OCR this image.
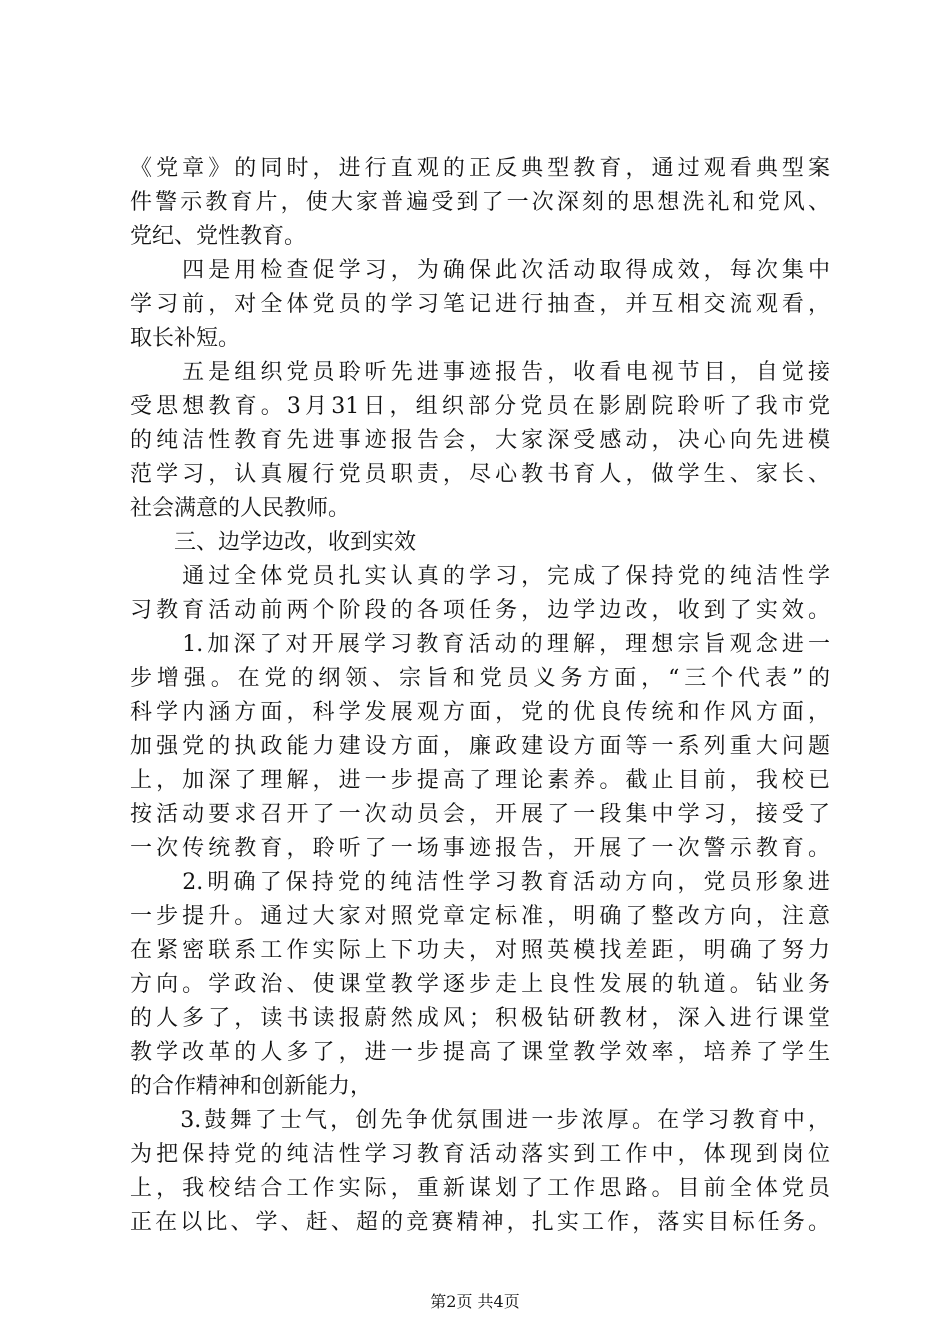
《党章》的同时，进行直观的正反典型教育，通过观看典型案
件警示教育片，使大家普遍受到了一次深刻的思想洗礼和党风、
党纪、党性教育。
　　四是用检查促学习，为确保此次活动取得成效，每次集中
学习前，对全体党员的学习笔记进行抽查，并互相交流观看，
取长补短。
　　五是组织党员聆听先进事迹报告，收看电视节目，自觉接
受思想教育。3月31日，组织部分党员在影剧院聆听了我市党
的纯洁性教育先进事迹报告会，大家深受感动，决心向先进模
范学习，认真履行党员职责，尽心教书育人，做学生、家长、
社会满意的人民教师。
　　三、边学边改，收到实效
　　通过全体党员扎实认真的学习，完成了保持党的纯洁性学
习教育活动前两个阶段的各项任务，边学边改，收到了实效。
　　1.加深了对开展学习教育活动的理解，理想宗旨观念进一
步增强。在党的纲领、宗旨和党员义务方面，“三个代表”的
科学内涵方面，科学发展观方面，党的优良传统和作风方面，
加强党的执政能力建设方面，廉政建设方面等一系列重大问题
上，加深了理解，进一步提高了理论素养。截止目前，我校已
按活动要求召开了一次动员会，开展了一段集中学习，接受了
一次传统教育，聆听了一场事迹报告，开展了一次警示教育。
　　2.明确了保持党的纯洁性学习教育活动方向，党员形象进
一步提升。通过大家对照党章定标准，明确了整改方向，注意
在紧密联系工作实际上下功夫，对照英模找差距，明确了努力
方向。学政治、使课堂教学逐步走上良性发展的轨道。钻业务
的人多了，读书读报蔚然成风；积极钻研教材，深入进行课堂
教学改革的人多了，进一步提高了课堂教学效率，培养了学生
的合作精神和创新能力，
　　3.鼓舞了士气，创先争优氛围进一步浓厚。在学习教育中，
为把保持党的纯洁性学习教育活动落实到工作中，体现到岗位
上，我校结合工作实际，重新谋划了工作思路。目前全体党员
正在以比、学、赶、超的竞赛精神，扎实工作，落实目标任务。
第2页 共4页
